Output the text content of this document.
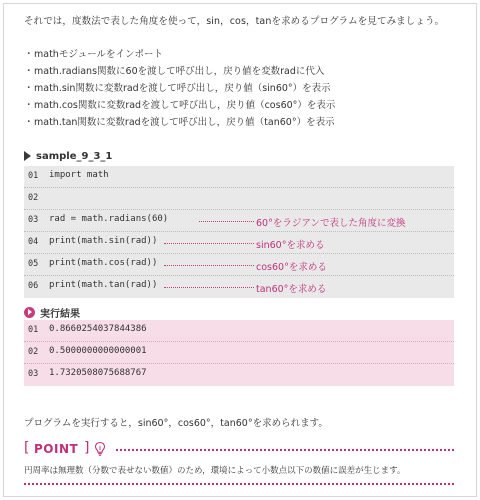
それでは，度数法で表した角度を使って，sin，cos，tanを求めるプログラムを見てみましょう。

・mathモジュールをインポート
・math.radians関数に60を渡して呼び出し，戻り値を変数radに代入
・math.sin関数に変数radを渡して呼び出し，戻り値（sin60°）を表示
・math.cos関数に変数radを渡して呼び出し，戻り値（cos60°）を表示
・math.tan関数に変数radを渡して呼び出し，戻り値（tan60°）を表示
sample_9_3_1
01 import math
02
03 rad = math.radians(60)	60°をラジアンで表した角度に変換
04 print(math.sin(rad))	sin60°を求める
05 print(math.cos(rad))	cos60°を求める
06 print(math.tan(rad))	tan60°を求める
実行結果
01 0.8660254037844386
02 0.5000000000000001
03 1.7320508075688767

プログラムを実行すると，sin60°，cos60°，tan60°を求められます。

[ POINT ]

円周率は無理数（分数で表せない数値）のため，環境によって小数点以下の数値に誤差が生じます。
